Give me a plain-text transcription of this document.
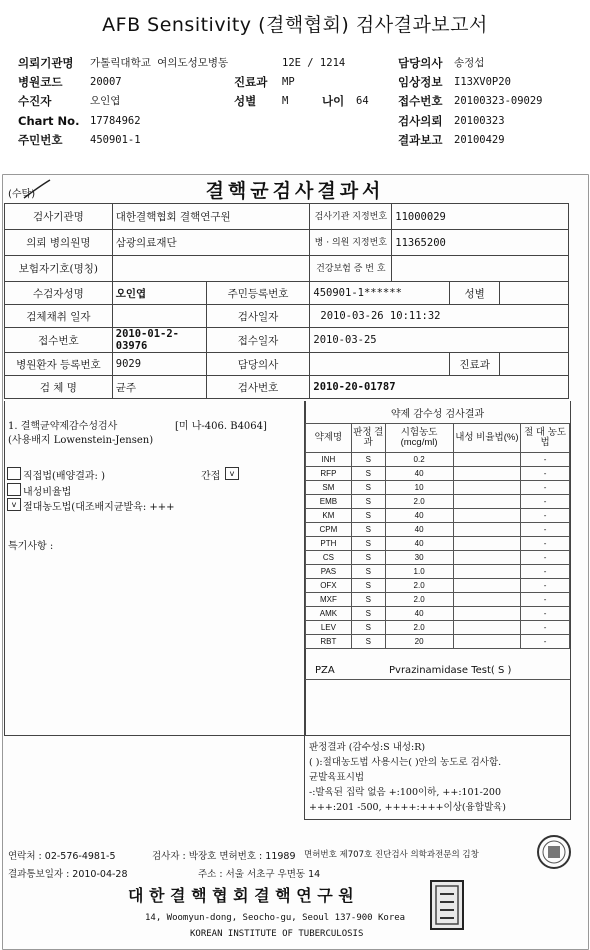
AFB Sensitivity (결핵협회) 검사결과보고서
의뢰기관명 가톨릭대학교 여의도성모병동	12E / 1214	담당의사 송정섭
병원코드	20007	진료과 MP	임상정보 I13XV0P20
수진자	오인엽	성별 M	나이 64	접수번호 20100323-09029
Chart No. 17784962	검사의뢰 20100323
주민번호	450901-1	결과보고 20100429
(수탁)	결핵균검사결과서
검사기관명	대한결핵협회 결핵연구원		검사기관 지정번호	11000029		
의뢰 병의원명	삼광의료재단		병 · 의원 지정번호	11365200		
보험자기호(명칭)			건강보험 증 번 호			
수검자성명	오인엽	주민등록번호	450901-1******		성별	
검체채취 일자		검사일자	2010-03-26 10:11:32			
접수번호	2010-01-2-03976	접수일자	2010-03-25			
병원환자 등록번호	9029	담당의사			진료과	
검 체 명	균주	검사번호	2010-20-01787			
1. 결핵균약제감수성검사	[미 나-406. B4064]
(사용배지 Lowenstein-Jensen)
직접법(배양결과: )	간접	v
내성비율법
v 절대농도법(대조배지균발육: +++
특기사항 :
약제 감수성 검사결과
약제명	판정 결과	시험농도 (mcg/ml)	내성 비율법(%)	절 대 농도법
INH	S	0.2		-
RFP	S	40		-
SM	S	10		-
EMB	S	2.0		-
KM	S	40		-
CPM	S	40		-
PTH	S	40		-
CS	S	30		-
PAS	S	1.0		-
OFX	S	2.0		-
MXF	S	2.0		-
AMK	S	40		-
LEV	S	2.0		-
RBT	S	20		-
PZA	Pvrazinamidase Test( S )
판정결과 (감수성:S 내성:R)
( ):절대농도법 사용시는( )안의 농도로 검사함.
균발육표시법
-:발육된 집락 없음 +:100이하, ++:101-200
+++:201 -500, ++++:+++이상(융합발육)
연락처 : 02-576-4981-5	검사자 : 박장호 면허번호 : 11989 면허번호 제707호 진단검사 의학과전문의 김창
결과통보일자 : 2010-04-28	주소 : 서울 서초구 우면동 14
대 한 결 핵 협 회 결 핵 연 구 원
14, Woomyun-dong, Seocho-gu, Seoul 137-900 Korea
KOREAN INSTITUTE OF TUBERCULOSIS
